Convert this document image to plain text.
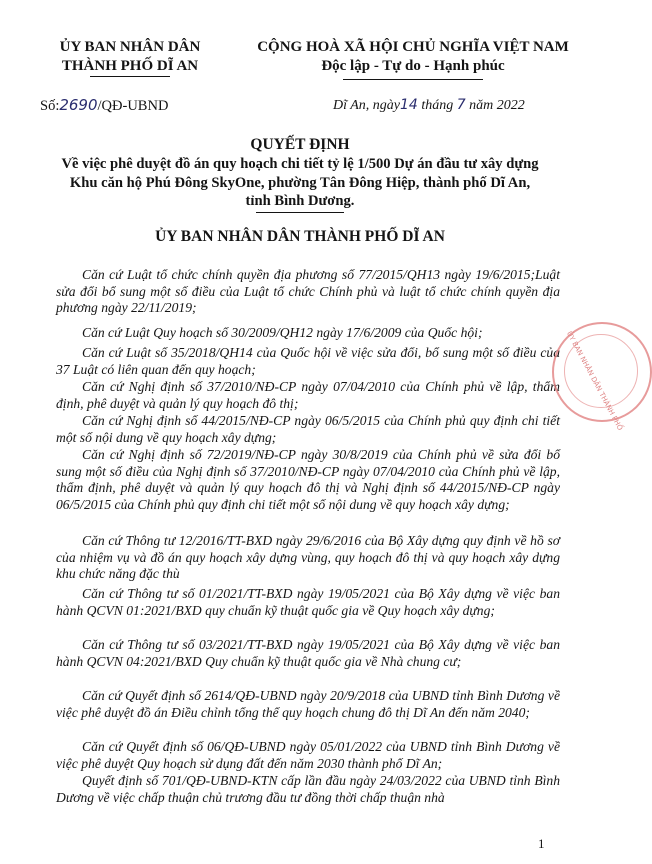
ỦY BAN NHÂN DÂN
THÀNH PHỐ DĨ AN
Số:2690/QĐ-UBND
CỘNG HOÀ XÃ HỘI CHỦ NGHĨA VIỆT NAM
Độc lập - Tự do - Hạnh phúc
Dĩ An, ngày14 tháng 7 năm 2022
QUYẾT ĐỊNH
Về việc phê duyệt đồ án quy hoạch chi tiết tỷ lệ 1/500 Dự án đầu tư xây dựng
Khu căn hộ Phú Đông SkyOne, phường Tân Đông Hiệp, thành phố Dĩ An,
tỉnh Bình Dương.
ỦY BAN NHÂN DÂN THÀNH PHỐ DĨ AN
Căn cứ Luật tổ chức chính quyền địa phương số 77/2015/QH13 ngày 19/6/2015;Luật sửa đổi bổ sung một số điều của Luật tổ chức Chính phủ và luật tổ chức chính quyền địa phương ngày 22/11/2019;
Căn cứ Luật Quy hoạch số 30/2009/QH12 ngày 17/6/2009 của Quốc hội;
Căn cứ Luật số 35/2018/QH14 của Quốc hội về việc sửa đổi, bổ sung một số điều của 37 Luật có liên quan đến quy hoạch;
Căn cứ Nghị định số 37/2010/NĐ-CP ngày 07/04/2010 của Chính phủ về lập, thẩm định, phê duyệt và quản lý quy hoạch đô thị;
Căn cứ Nghị định số 44/2015/NĐ-CP ngày 06/5/2015 của Chính phủ quy định chi tiết một số nội dung về quy hoạch xây dựng;
Căn cứ Nghị định số 72/2019/NĐ-CP ngày 30/8/2019 của Chính phủ về sửa đổi bổ sung một số điều của Nghị định số 37/2010/NĐ-CP ngày 07/04/2010 của Chính phủ về lập, thẩm định, phê duyệt và quản lý quy hoạch đô thị và Nghị định số 44/2015/NĐ-CP ngày 06/5/2015 của Chính phủ quy định chi tiết một số nội dung về quy hoạch xây dựng;
Căn cứ Thông tư 12/2016/TT-BXD ngày 29/6/2016 của Bộ Xây dựng quy định về hồ sơ của nhiệm vụ và đồ án quy hoạch xây dựng vùng, quy hoạch đô thị và quy hoạch xây dựng khu chức năng đặc thù
Căn cứ Thông tư số 01/2021/TT-BXD ngày 19/05/2021 của Bộ Xây dựng về việc ban hành QCVN 01:2021/BXD quy chuẩn kỹ thuật quốc gia về Quy hoạch xây dựng;
Căn cứ Thông tư số 03/2021/TT-BXD ngày 19/05/2021 của Bộ Xây dựng về việc ban hành QCVN 04:2021/BXD Quy chuẩn kỹ thuật quốc gia về Nhà chung cư;
Căn cứ Quyết định số 2614/QĐ-UBND ngày 20/9/2018 của UBND tỉnh Bình Dương về việc phê duyệt đồ án Điều chỉnh tổng thể quy hoạch chung đô thị Dĩ An đến năm 2040;
Căn cứ Quyết định số 06/QĐ-UBND ngày 05/01/2022 của UBND tỉnh Bình Dương về việc phê duyệt Quy hoạch sử dụng đất đến năm 2030 thành phố Dĩ An;
Quyết định số 701/QĐ-UBND-KTN cấp lần đầu ngày 24/03/2022 của UBND tỉnh Bình Dương về việc chấp thuận chủ trương đầu tư đồng thời chấp thuận nhà
ỦY BAN NHÂN DÂN THÀNH PHỐ
1
